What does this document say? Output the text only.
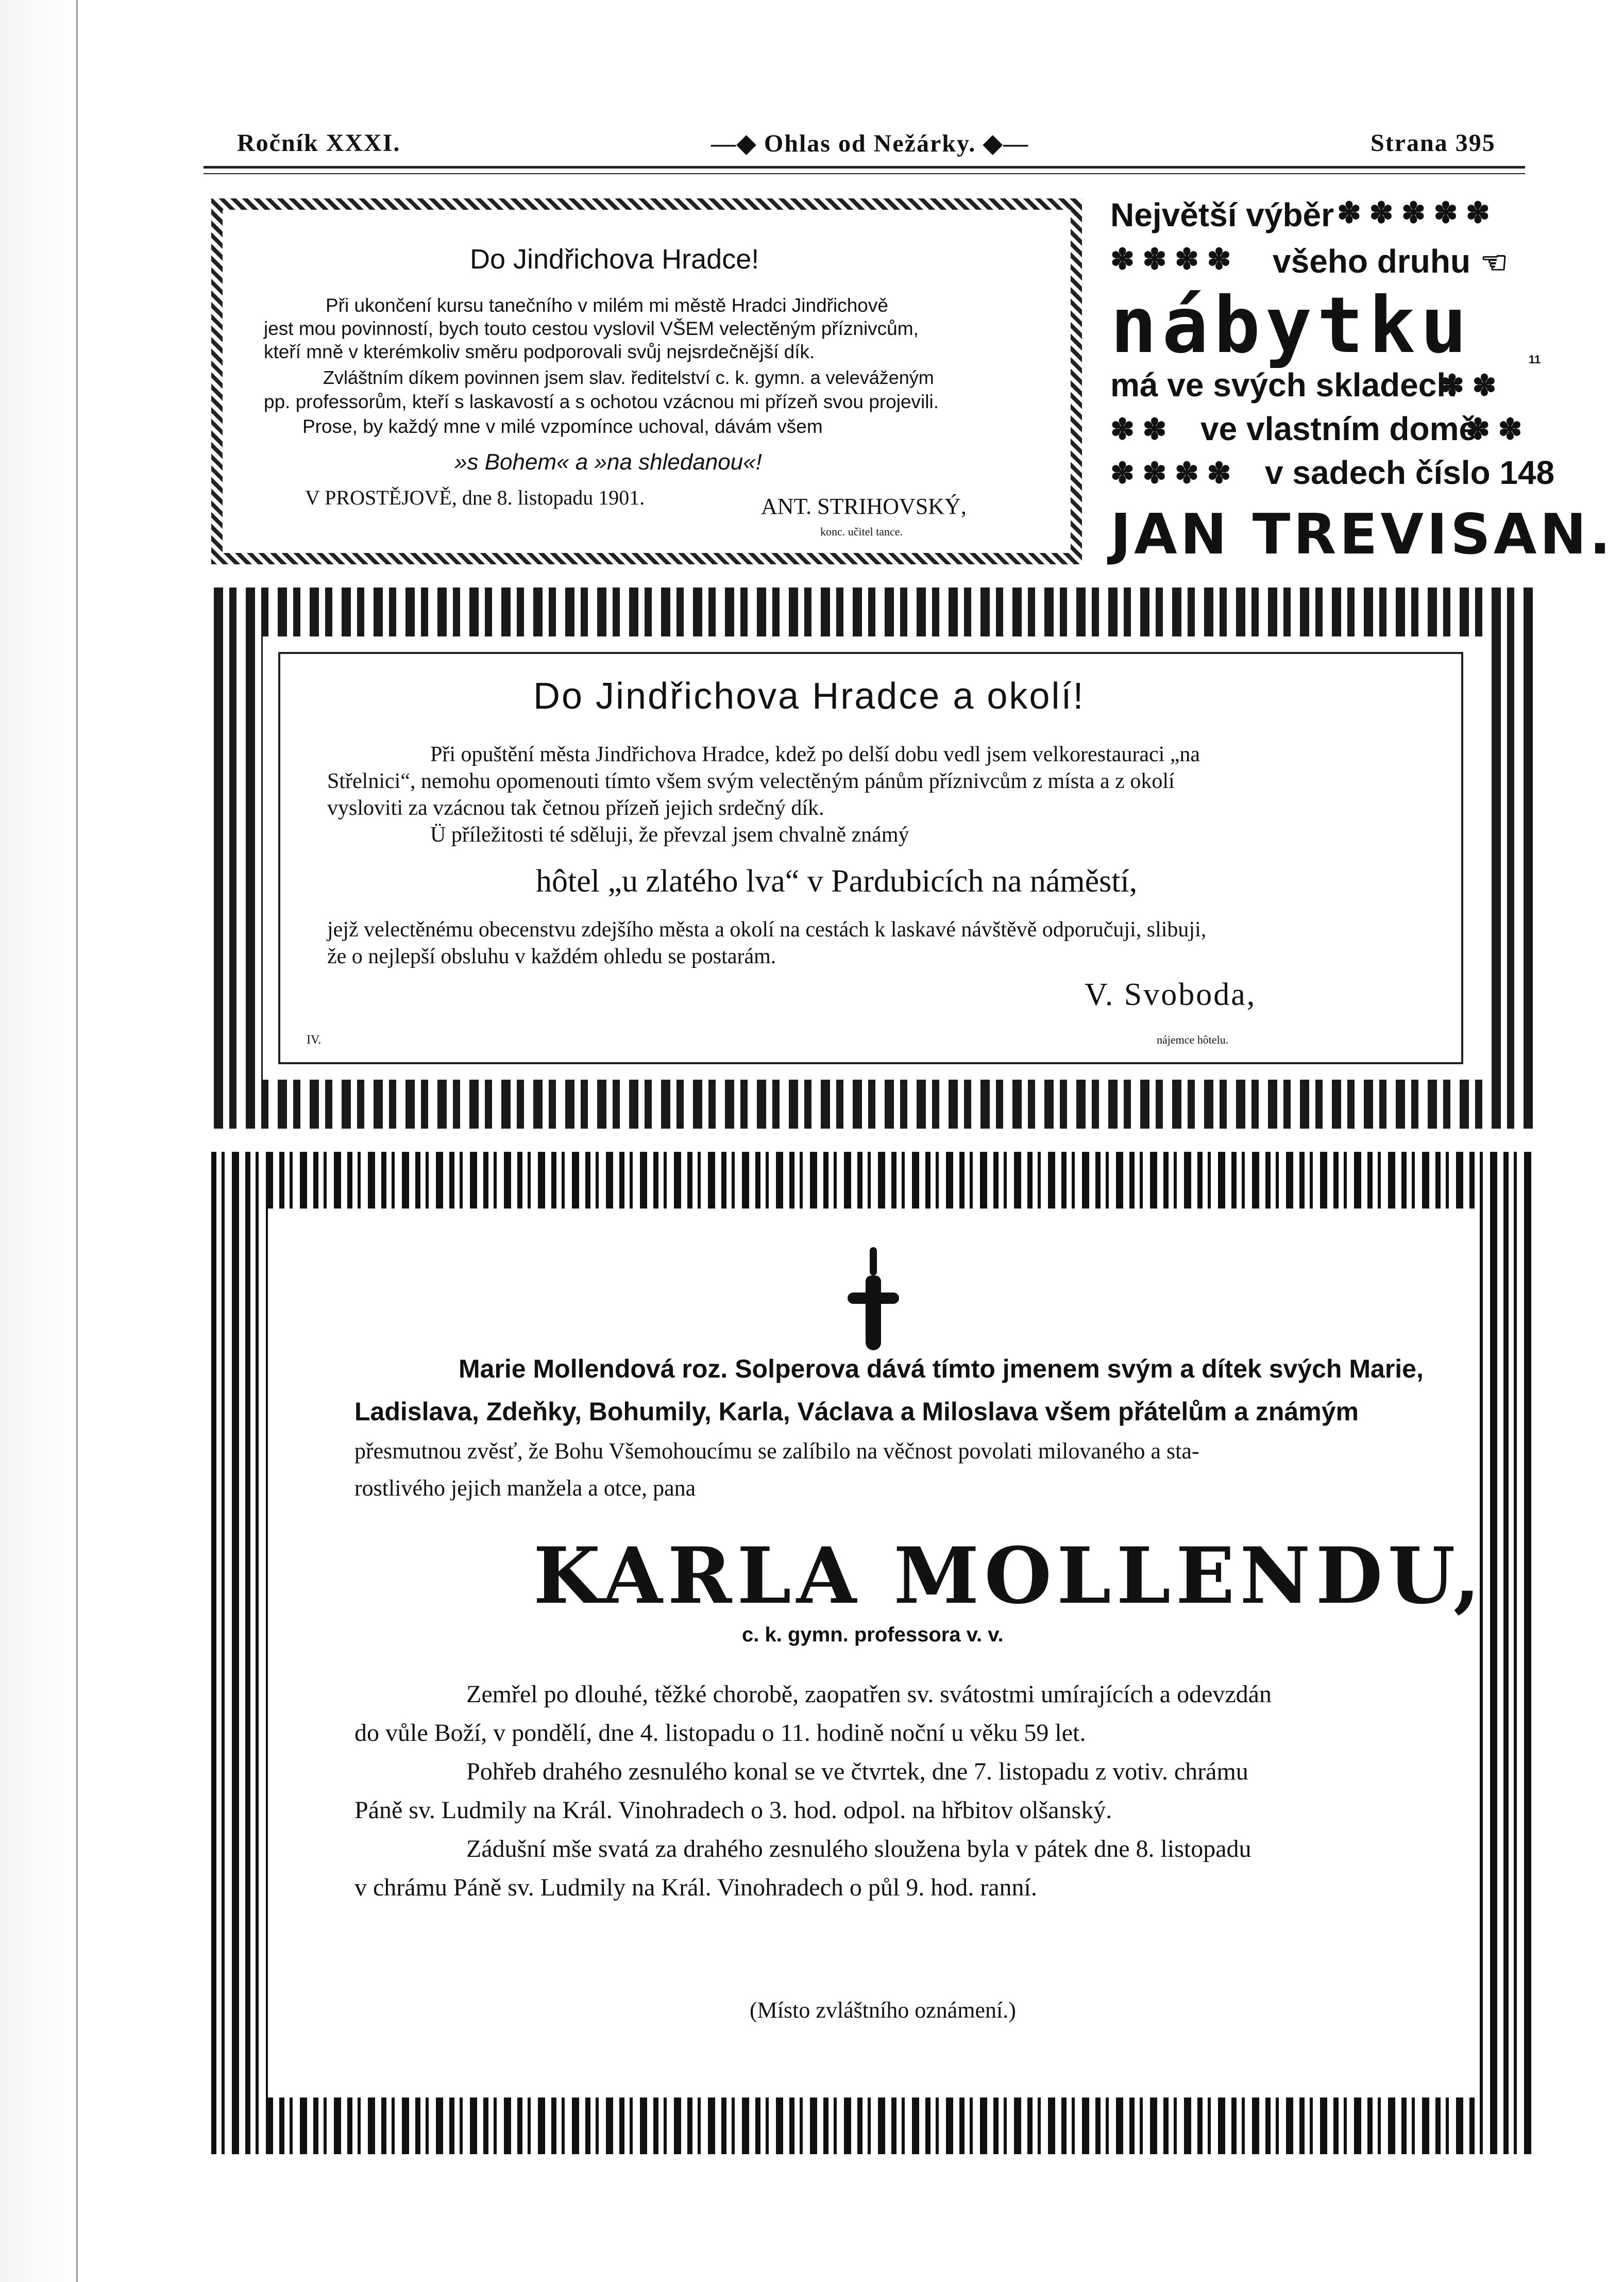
Ročník XXXI.	—◆ Ohlas od Nežárky. ◆—	Strana 395
Do Jindřichova Hradce!
Při ukončení kursu tanečního v milém mi městě Hradci Jindřichově
jest mou povinností, bych touto cestou vyslovil VŠEM velectěným příznivcům,
kteří mně v kterémkoliv směru podporovali svůj nejsrdečnější dík.
Zvláštním díkem povinnen jsem slav. ředitelství c. k. gymn. a veleváženým
pp. professorům, kteří s laskavostí a s ochotou vzácnou mi přízeň svou projevili.
Prose, by každý mne v milé vzpomínce uchoval, dávám všem
»s Bohem« a »na shledanou«!
V PROSTĚJOVĚ, dne 8. listopadu 1901.	ANT. STRIHOVSKÝ,
konc. učitel tance.
Největší výběr ✽ ✽ ✽ ✽ ✽
✽ ✽ ✽ ✽ všeho druhu ☜
nábytku	11
má ve svých skladech
✽ ✽
✽ ✽ ve vlastním domě
✽ ✽
✽ ✽ ✽ ✽ v sadech číslo 148
JAN TREVISAN.
Do Jindřichova Hradce a okolí!
Při opuštění města Jindřichova Hradce, kdež po delší dobu vedl jsem velkorestauraci „na
Střelnici“, nemohu opomenouti tímto všem svým velectěným pánům příznivcům z místa a z okolí
vysloviti za vzácnou tak četnou přízeň jejich srdečný dík.
Ü příležitosti té sděluji, že převzal jsem chvalně známý
hôtel „u zlatého lva“ v Pardubicích na náměstí,
jejž velectěnému obecenstvu zdejšího města a okolí na cestách k laskavé návštěvě odporučuji, slibuji,
že o nejlepší obsluhu v každém ohledu se postarám.
V. Svoboda,
IV.	nájemce hôtelu.
Marie Mollendová roz. Solperova dává tímto jmenem svým a dítek svých Marie,
Ladislava, Zdeňky, Bohumily, Karla, Václava a Miloslava všem přátelům a známým
přesmutnou zvěsť, že Bohu Všemohoucímu se zalíbilo na věčnost povolati milovaného a sta-
rostlivého jejich manžela a otce, pana
KARLA MOLLENDU,
c. k. gymn. professora v. v.
Zemřel po dlouhé, těžké chorobě, zaopatřen sv. svátostmi umírajících a odevzdán
do vůle Boží, v pondělí, dne 4. listopadu o 11. hodině noční u věku 59 let.
Pohřeb drahého zesnulého konal se ve čtvrtek, dne 7. listopadu z votiv. chrámu
Páně sv. Ludmily na Král. Vinohradech o 3. hod. odpol. na hřbitov olšanský.
Zádušní mše svatá za drahého zesnulého sloužena byla v pátek dne 8. listopadu
v chrámu Páně sv. Ludmily na Král. Vinohradech o půl 9. hod. ranní.
(Místo zvláštního oznámení.)
